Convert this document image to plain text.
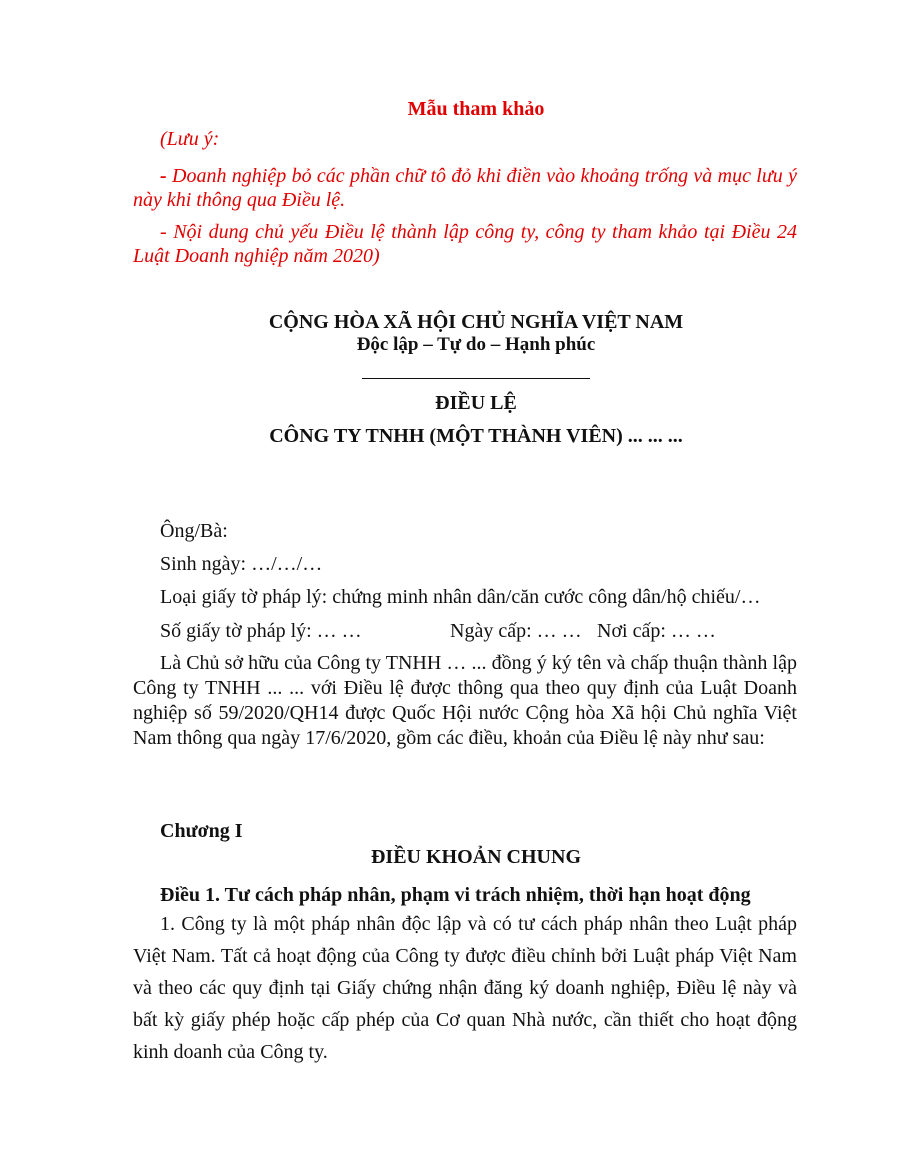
Mẫu tham khảo
(Lưu ý:
- Doanh nghiệp bỏ các phần chữ tô đỏ khi điền vào khoảng trống và mục lưu ý này khi thông qua Điều lệ.
- Nội dung chủ yếu Điều lệ thành lập công ty, công ty tham khảo tại Điều 24 Luật Doanh nghiệp năm 2020)
CỘNG HÒA XÃ HỘI CHỦ NGHĨA VIỆT NAM
Độc lập – Tự do – Hạnh phúc
ĐIỀU LỆ
CÔNG TY TNHH (MỘT THÀNH VIÊN) ... ... ...
Ông/Bà:
Sinh ngày: …/…/…
Loại giấy tờ pháp lý: chứng minh nhân dân/căn cước công dân/hộ chiếu/…
Số giấy tờ pháp lý: … …	Ngày cấp: … … Nơi cấp: … …
Là Chủ sở hữu của Công ty TNHH … ... đồng ý ký tên và chấp thuận thành lập Công ty TNHH ... ... với Điều lệ được thông qua theo quy định của Luật Doanh nghiệp số 59/2020/QH14 được Quốc Hội nước Cộng hòa Xã hội Chủ nghĩa Việt Nam thông qua ngày 17/6/2020, gồm các điều, khoản của Điều lệ này như sau:
Chương I
ĐIỀU KHOẢN CHUNG
Điều 1. Tư cách pháp nhân, phạm vi trách nhiệm, thời hạn hoạt động
1. Công ty là một pháp nhân độc lập và có tư cách pháp nhân theo Luật pháp Việt Nam. Tất cả hoạt động của Công ty được điều chỉnh bởi Luật pháp Việt Nam và theo các quy định tại Giấy chứng nhận đăng ký doanh nghiệp, Điều lệ này và bất kỳ giấy phép hoặc cấp phép của Cơ quan Nhà nước, cần thiết cho hoạt động kinh doanh của Công ty.
